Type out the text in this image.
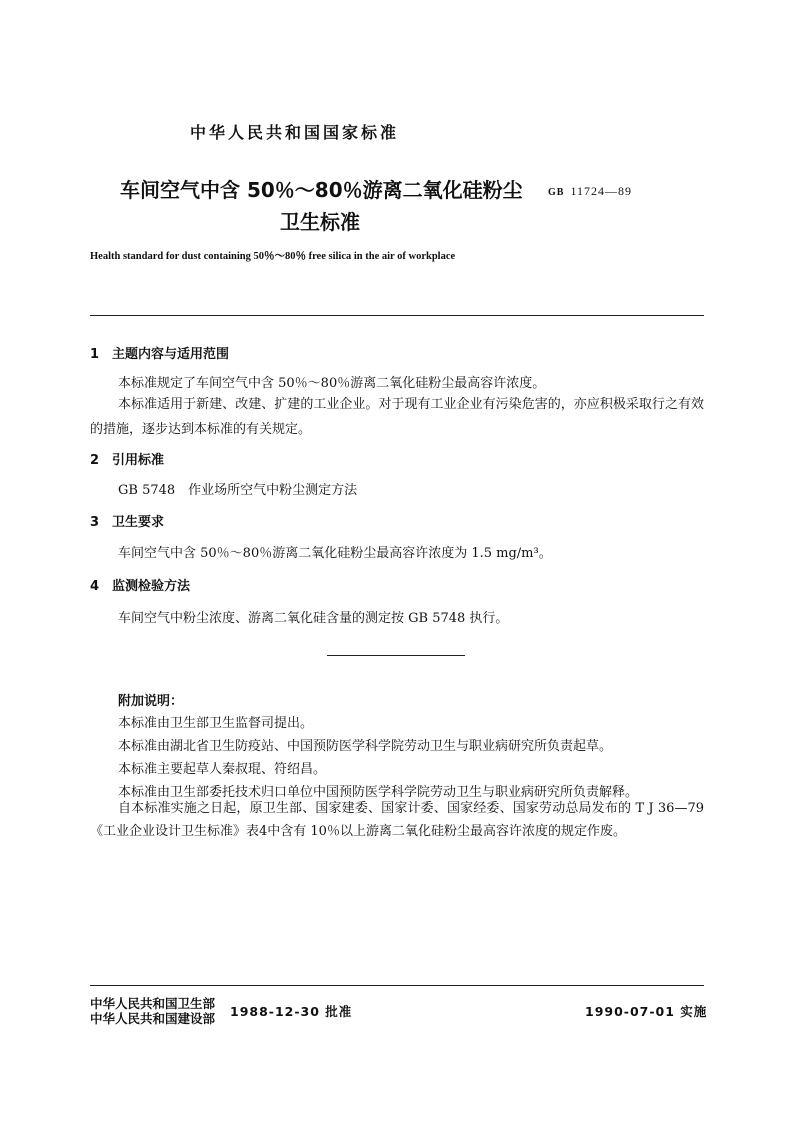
中华人民共和国国家标准
车间空气中含 50％～80％游离二氧化硅粉尘	GB 11724—89
卫生标准
Health standard for dust containing 50％～80％ free silica in the air of workplace
1　主题内容与适用范围
本标准规定了车间空气中含 50％～80％游离二氧化硅粉尘最高容许浓度。
本标准适用于新建、改建、扩建的工业企业。对于现有工业企业有污染危害的，亦应积极采取行之有效的措施，逐步达到本标准的有关规定。
2　引用标准
GB 5748　作业场所空气中粉尘测定方法
3　卫生要求
车间空气中含 50％～80％游离二氧化硅粉尘最高容许浓度为 1.5 mg/m³。
4　监测检验方法
车间空气中粉尘浓度、游离二氧化硅含量的测定按 GB 5748 执行。
附加说明：
本标准由卫生部卫生监督司提出。
本标准由湖北省卫生防疫站、中国预防医学科学院劳动卫生与职业病研究所负责起草。
本标准主要起草人秦叔琨、符绍昌。
本标准由卫生部委托技术归口单位中国预防医学科学院劳动卫生与职业病研究所负责解释。
自本标准实施之日起，原卫生部、国家建委、国家计委、国家经委、国家劳动总局发布的 T J 36—79《工业企业设计卫生标准》表4中含有 10％以上游离二氧化硅粉尘最高容许浓度的规定作废。
中华人民共和国卫生部
中华人民共和国建设部 1988-12-30 批准	1990-07-01 实施
